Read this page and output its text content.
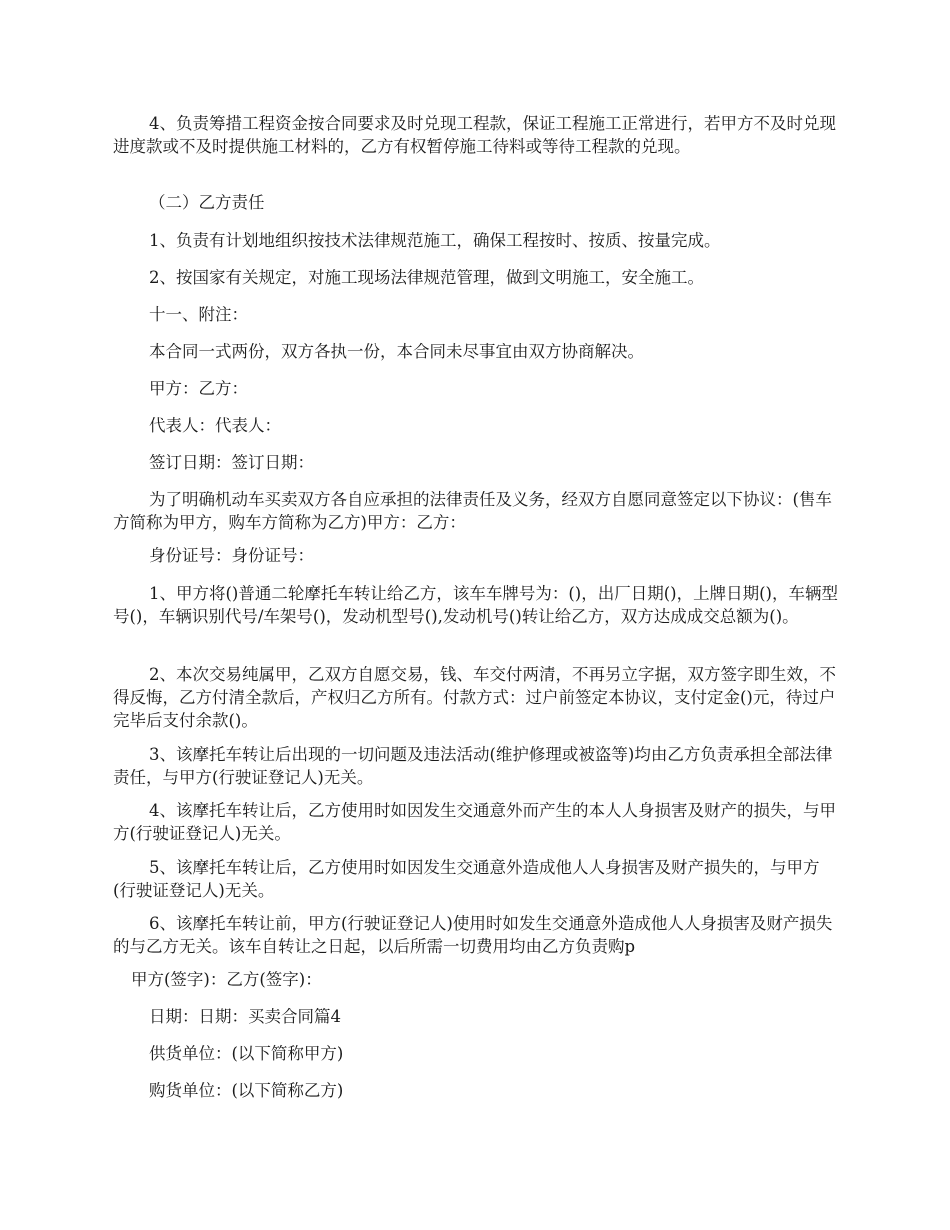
4、负责筹措工程资金按合同要求及时兑现工程款，保证工程施工正常进行，若甲方不及时兑现进度款或不及时提供施工材料的，乙方有权暂停施工待料或等待工程款的兑现。

（二）乙方责任

1、负责有计划地组织按技术法律规范施工，确保工程按时、按质、按量完成。

2、按国家有关规定，对施工现场法律规范管理，做到文明施工，安全施工。

十一、附注：

本合同一式两份，双方各执一份，本合同未尽事宜由双方协商解决。

甲方：乙方：

代表人：代表人：

签订日期：签订日期：

为了明确机动车买卖双方各自应承担的法律责任及义务，经双方自愿同意签定以下协议：(售车方简称为甲方，购车方简称为乙方)甲方：乙方：

身份证号：身份证号：

1、甲方将()普通二轮摩托车转让给乙方，该车车牌号为：()，出厂日期()，上牌日期()，车辆型号()，车辆识别代号/车架号()，发动机型号(),发动机号()转让给乙方，双方达成成交总额为()。

2、本次交易纯属甲，乙双方自愿交易，钱、车交付两清，不再另立字据，双方签字即生效，不得反悔，乙方付清全款后，产权归乙方所有。付款方式：过户前签定本协议，支付定金()元，待过户完毕后支付余款()。

3、该摩托车转让后出现的一切问题及违法活动(维护修理或被盗等)均由乙方负责承担全部法律责任，与甲方(行驶证登记人)无关。

4、该摩托车转让后，乙方使用时如因发生交通意外而产生的本人人身损害及财产的损失，与甲方(行驶证登记人)无关。

5、该摩托车转让后，乙方使用时如因发生交通意外造成他人人身损害及财产损失的，与甲方(行驶证登记人)无关。

6、该摩托车转让前，甲方(行驶证登记人)使用时如发生交通意外造成他人人身损害及财产损失的与乙方无关。该车自转让之日起，以后所需一切费用均由乙方负责购p

甲方(签字)：乙方(签字)：

日期：日期：买卖合同篇4

供货单位：(以下简称甲方)

购货单位：(以下简称乙方)
